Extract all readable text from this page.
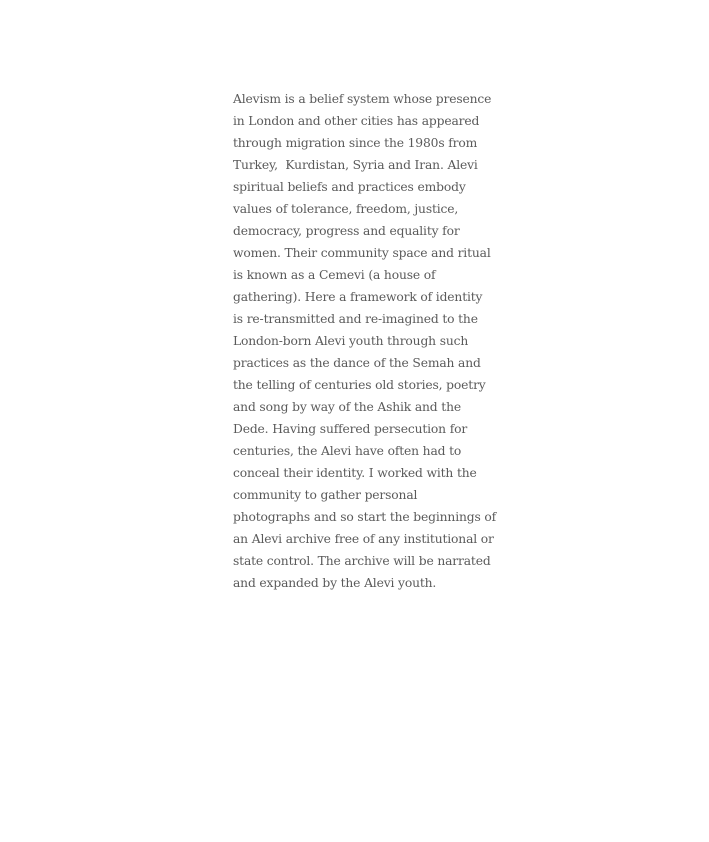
Alevism is a belief system whose presence
in London and other cities has appeared
through migration since the 1980s from
Turkey,  Kurdistan, Syria and Iran. Alevi
spiritual beliefs and practices embody
values of tolerance, freedom, justice,
democracy, progress and equality for
women. Their community space and ritual
is known as a Cemevi (a house of
gathering). Here a framework of identity
is re-transmitted and re-imagined to the
London-born Alevi youth through such
practices as the dance of the Semah and
the telling of centuries old stories, poetry
and song by way of the Ashik and the
Dede. Having suffered persecution for
centuries, the Alevi have often had to
conceal their identity. I worked with the
community to gather personal
photographs and so start the beginnings of
an Alevi archive free of any institutional or
state control. The archive will be narrated
and expanded by the Alevi youth.
